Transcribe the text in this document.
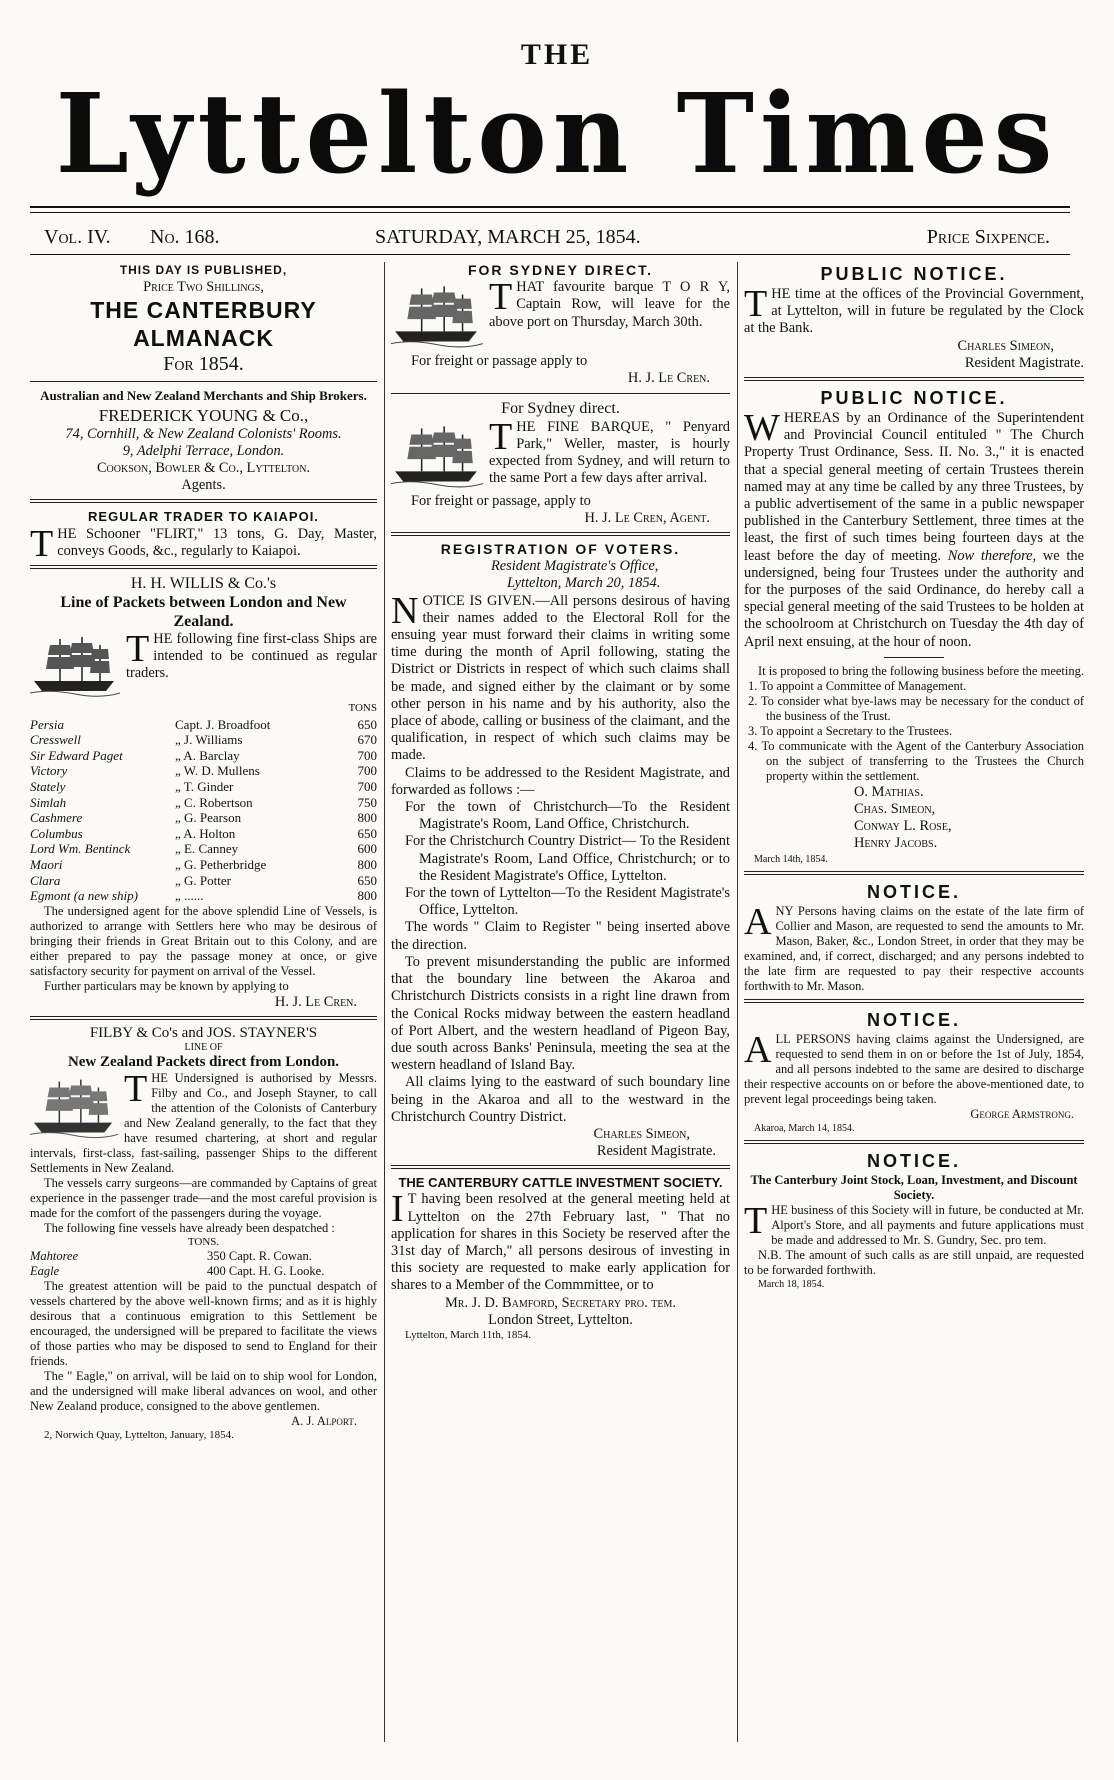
THE
Lyttelton Times
Vol. IV. No. 168.	SATURDAY, MARCH 25, 1854.	Price Sixpence.

THIS DAY IS PUBLISHED,

Price Two Shillings,

THE CANTERBURY ALMANACK

For 1854.

Australian and New Zealand Merchants and Ship Brokers.

FREDERICK YOUNG & Co.,

74, Cornhill, & New Zealand Colonists' Rooms.

9, Adelphi Terrace, London.

Cookson, Bowler & Co., Lyttelton.

Agents.

REGULAR TRADER TO KAIAPOI.

THE Schooner "FLIRT," 13 tons, G. Day, Master, conveys Goods, &c., regularly to Kaiapoi.

H. H. WILLIS & Co.'s

Line of Packets between London and New Zealand.

THE following fine first-class Ships are intended to be continued as regular traders.

TONS
Persia	Capt. J. Broadfoot	650
Cresswell	„ J. Williams	670
Sir Edward Paget	„ A. Barclay	700
Victory	„ W. D. Mullens	700
Stately	„ T. Ginder	700
Simlah	„ C. Robertson	750
Cashmere	„ G. Pearson	800
Columbus	„ A. Holton	650
Lord Wm. Bentinck	„ E. Canney	600
Maori	„ G. Petherbridge	800
Clara	„ G. Potter	650
Egmont (a new ship)	„ ......	800

The undersigned agent for the above splendid Line of Vessels, is authorized to arrange with Settlers here who may be desirous of bringing their friends in Great Britain out to this Colony, and are either prepared to pay the passage money at once, or give satisfactory security for payment on arrival of the Vessel.

Further particulars may be known by applying to

H. J. Le Cren.

FILBY & Co's and JOS. STAYNER'S

LINE OF

New Zealand Packets direct from London.

THE Undersigned is authorised by Messrs. Filby and Co., and Joseph Stayner, to call the attention of the Colonists of Canterbury and New Zealand generally, to the fact that they have resumed chartering, at short and regular intervals, first-class, fast-sailing, passenger Ships to the different Settlements in New Zealand.

The vessels carry surgeons—are commanded by Captains of great experience in the passenger trade—and the most careful provision is made for the comfort of the passengers during the voyage.

The following fine vessels have already been despatched :

TONS.

Mahtoree	350 Capt. R. Cowan.
Eagle	400 Capt. H. G. Looke.

The greatest attention will be paid to the punctual despatch of vessels chartered by the above well-known firms; and as it is highly desirous that a continuous emigration to this Settlement be encouraged, the undersigned will be prepared to facilitate the views of those parties who may be disposed to send to England for their friends.

The " Eagle," on arrival, will be laid on to ship wool for London, and the undersigned will make liberal advances on wool, and other New Zealand produce, consigned to the above gentlemen.

A. J. Alport.

2, Norwich Quay, Lyttelton, January, 1854.

FOR SYDNEY DIRECT.

THAT favourite barque T O R Y, Captain Row, will leave for the above port on Thursday, March 30th.

For freight or passage apply to

H. J. Le Cren.

For Sydney direct.

THE FINE BARQUE, " Penyard Park," Weller, master, is hourly expected from Sydney, and will return to the same Port a few days after arrival.

For freight or passage, apply to

H. J. Le Cren, Agent.

REGISTRATION OF VOTERS.

Resident Magistrate's Office,

Lyttelton, March 20, 1854.

NOTICE IS GIVEN.—All persons desirous of having their names added to the Electoral Roll for the ensuing year must forward their claims in writing some time during the month of April following, stating the District or Districts in respect of which such claims shall be made, and signed either by the claimant or by some other person in his name and by his authority, also the place of abode, calling or business of the claimant, and the qualification, in respect of which such claims may be made.

Claims to be addressed to the Resident Magistrate, and forwarded as follows :—

For the town of Christchurch—To the Resident Magistrate's Room, Land Office, Christchurch.

For the Christchurch Country District— To the Resident Magistrate's Room, Land Office, Christchurch; or to the Resident Magistrate's Office, Lyttelton.

For the town of Lyttelton—To the Resident Magistrate's Office, Lyttelton.

The words " Claim to Register " being inserted above the direction.

To prevent misunderstanding the public are informed that the boundary line between the Akaroa and Christchurch Districts consists in a right line drawn from the Conical Rocks midway between the eastern headland of Port Albert, and the western headland of Pigeon Bay, due south across Banks' Peninsula, meeting the sea at the western headland of Island Bay.

All claims lying to the eastward of such boundary line being in the Akaroa and all to the westward in the Christchurch Country District.

Charles Simeon,

Resident Magistrate.

THE CANTERBURY CATTLE INVESTMENT SOCIETY.

I T having been resolved at the general meeting held at Lyttelton on the 27th February last, " That no application for shares in this Society be reserved after the 31st day of March," all persons desirous of investing in this society are requested to make early application for shares to a Member of the Commmittee, or to

Mr. J. D. Bamford, Secretary pro. tem.

London Street, Lyttelton.

Lyttelton, March 11th, 1854.

PUBLIC NOTICE.

THE time at the offices of the Provincial Government, at Lyttelton, will in future be regulated by the Clock at the Bank.

Charles Simeon,

Resident Magistrate.

PUBLIC NOTICE.

WHEREAS by an Ordinance of the Superintendent and Provincial Council entituled " The Church Property Trust Ordinance, Sess. II. No. 3.," it is enacted that a special general meeting of certain Trustees therein named may at any time be called by any three Trustees, by a public advertisement of the same in a public newspaper published in the Canterbury Settlement, three times at the least, the first of such times being fourteen days at the least before the day of meeting. Now therefore, we the undersigned, being four Trustees under the authority and for the purposes of the said Ordinance, do hereby call a special general meeting of the said Trustees to be holden at the schoolroom at Christchurch on Tuesday the 4th day of April next ensuing, at the hour of noon.

It is proposed to bring the following business before the meeting.

1. To appoint a Committee of Management.
2. To consider what bye-laws may be necessary for the conduct of the business of the Trust.
3. To appoint a Secretary to the Trustees.
4. To communicate with the Agent of the Canterbury Association on the subject of transferring to the Trustees the Church property within the settlement.
O. Mathias.
Chas. Simeon,
Conway L. Rose,
Henry Jacobs.

March 14th, 1854.

NOTICE.

ANY Persons having claims on the estate of the late firm of Collier and Mason, are requested to send the amounts to Mr. Mason, Baker, &c., London Street, in order that they may be examined, and, if correct, discharged; and any persons indebted to the late firm are requested to pay their respective accounts forthwith to Mr. Mason.

NOTICE.

ALL PERSONS having claims against the Undersigned, are requested to send them in on or before the 1st of July, 1854, and all persons indebted to the same are desired to discharge their respective accounts on or before the above-mentioned date, to prevent legal proceedings being taken.

George Armstrong.

Akaroa, March 14, 1854.

NOTICE.

The Canterbury Joint Stock, Loan, Investment, and Discount Society.

THE business of this Society will in future, be conducted at Mr. Alport's Store, and all payments and future applications must be made and addressed to Mr. S. Gundry, Sec. pro tem.

N.B. The amount of such calls as are still unpaid, are requested to be forwarded forthwith.

March 18, 1854.
